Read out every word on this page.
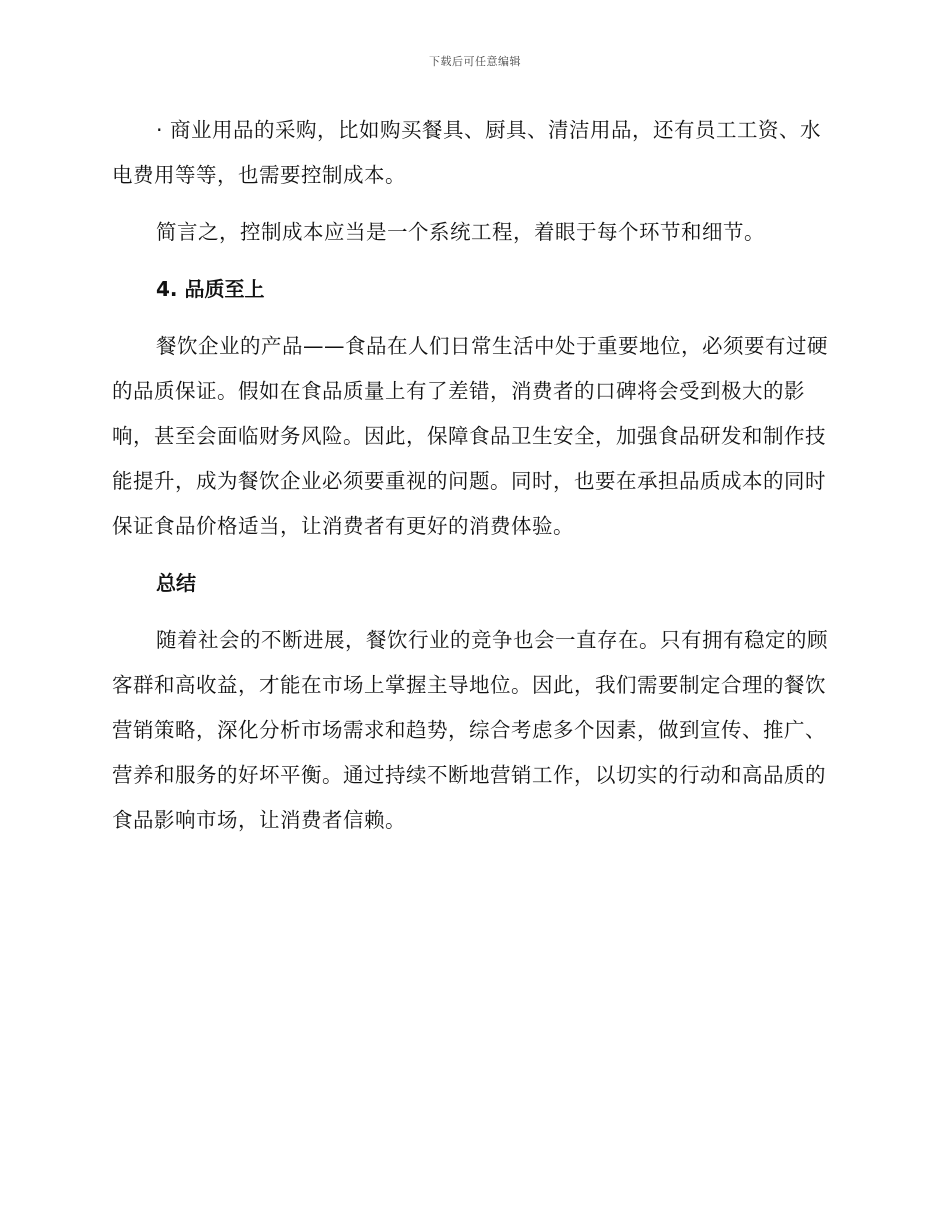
下载后可任意编辑

· 商业用品的采购，比如购买餐具、厨具、清洁用品，还有员工工资、水电费用等等，也需要控制成本。

简言之，控制成本应当是一个系统工程，着眼于每个环节和细节。

4. 品质至上

餐饮企业的产品——食品在人们日常生活中处于重要地位，必须要有过硬的品质保证。假如在食品质量上有了差错，消费者的口碑将会受到极大的影响，甚至会面临财务风险。因此，保障食品卫生安全，加强食品研发和制作技能提升，成为餐饮企业必须要重视的问题。同时，也要在承担品质成本的同时保证食品价格适当，让消费者有更好的消费体验。

总结

随着社会的不断进展，餐饮行业的竞争也会一直存在。只有拥有稳定的顾客群和高收益，才能在市场上掌握主导地位。因此，我们需要制定合理的餐饮营销策略，深化分析市场需求和趋势，综合考虑多个因素，做到宣传、推广、营养和服务的好坏平衡。通过持续不断地营销工作，以切实的行动和高品质的食品影响市场，让消费者信赖。
